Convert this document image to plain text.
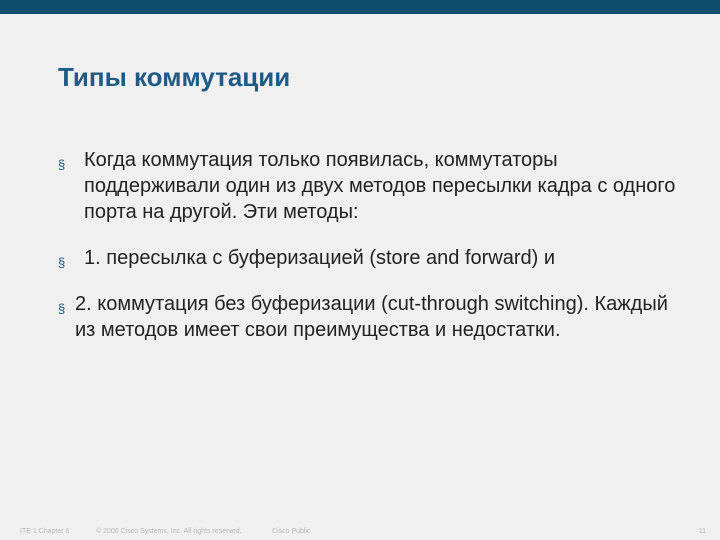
Типы коммутации
§ Когда коммутация только появилась, коммутаторы поддерживали один из двух методов пересылки кадра с одного порта на другой. Эти методы:
§ 1. пересылка с буферизацией (store and forward) и
§ 2. коммутация без буферизации (cut-through switching). Каждый из методов имеет свои преимущества и недостатки.
ITE 1 Chapter 6	© 2006 Cisco Systems, Inc. All rights reserved.	Cisco Public	11
